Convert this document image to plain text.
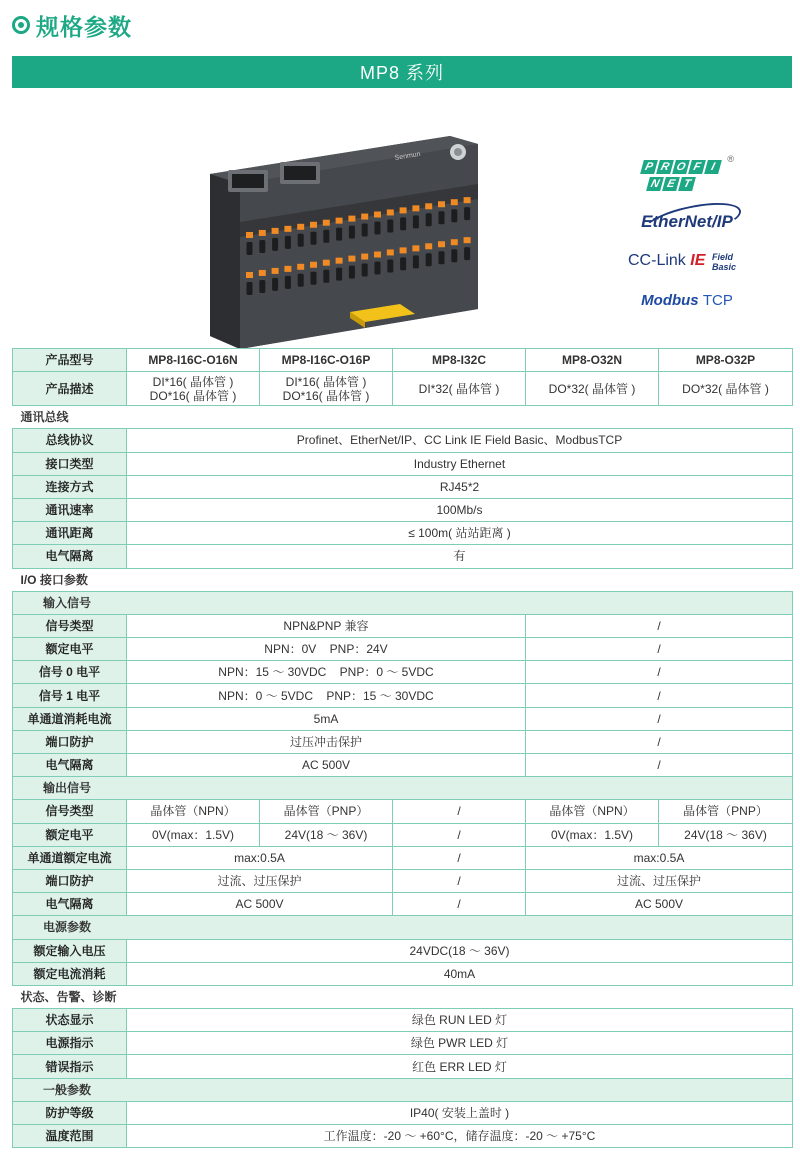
规格参数
MP8 系列
Senmun
P R O F I
N E T
®
EtherNet/IP
CC-Link IE Field
Basic
Modbus TCP
产品型号	MP8-I16C-O16N	MP8-I16C-O16P	MP8-I32C	MP8-O32N	MP8-O32P
产品描述	DI*16( 晶体管 )
DO*16( 晶体管 )	DI*16( 晶体管 )
DO*16( 晶体管 )	DI*32( 晶体管 )	DO*32( 晶体管 )	DO*32( 晶体管 )
通讯总线					
总线协议	Profinet、EtherNet/IP、CC Link IE Field Basic、ModbusTCP				
接口类型	Industry Ethernet				
连接方式	RJ45*2				
通讯速率	100Mb/s				
通讯距离	≤ 100m( 站站距离 )				
电气隔离	有				
I/O 接口参数					
输入信号					
信号类型	NPN&PNP 兼容			/	
额定电平	NPN：0V    PNP：24V			/	
信号 0 电平	NPN：15 ～ 30VDC    PNP：0 ～ 5VDC			/	
信号 1 电平	NPN：0 ～ 5VDC    PNP：15 ～ 30VDC			/	
单通道消耗电流	5mA			/	
端口防护	过压冲击保护			/	
电气隔离	AC 500V			/	
输出信号					
信号类型	晶体管（NPN）	晶体管（PNP）	/	晶体管（NPN）	晶体管（PNP）
额定电平	0V(max：1.5V)	24V(18 ～ 36V)	/	0V(max：1.5V)	24V(18 ～ 36V)
单通道额定电流	max:0.5A		/	max:0.5A	
端口防护	过流、过压保护		/	过流、过压保护	
电气隔离	AC 500V		/	AC 500V	
电源参数					
额定输入电压	24VDC(18 ～ 36V)				
额定电流消耗	40mA				
状态、告警、诊断					
状态显示	绿色 RUN LED 灯				
电源指示	绿色 PWR LED 灯				
错误指示	红色 ERR LED 灯				
一般参数					
防护等级	IP40( 安装上盖时 )				
温度范围	工作温度：-20 ～ +60°C，储存温度：-20 ～ +75°C				
